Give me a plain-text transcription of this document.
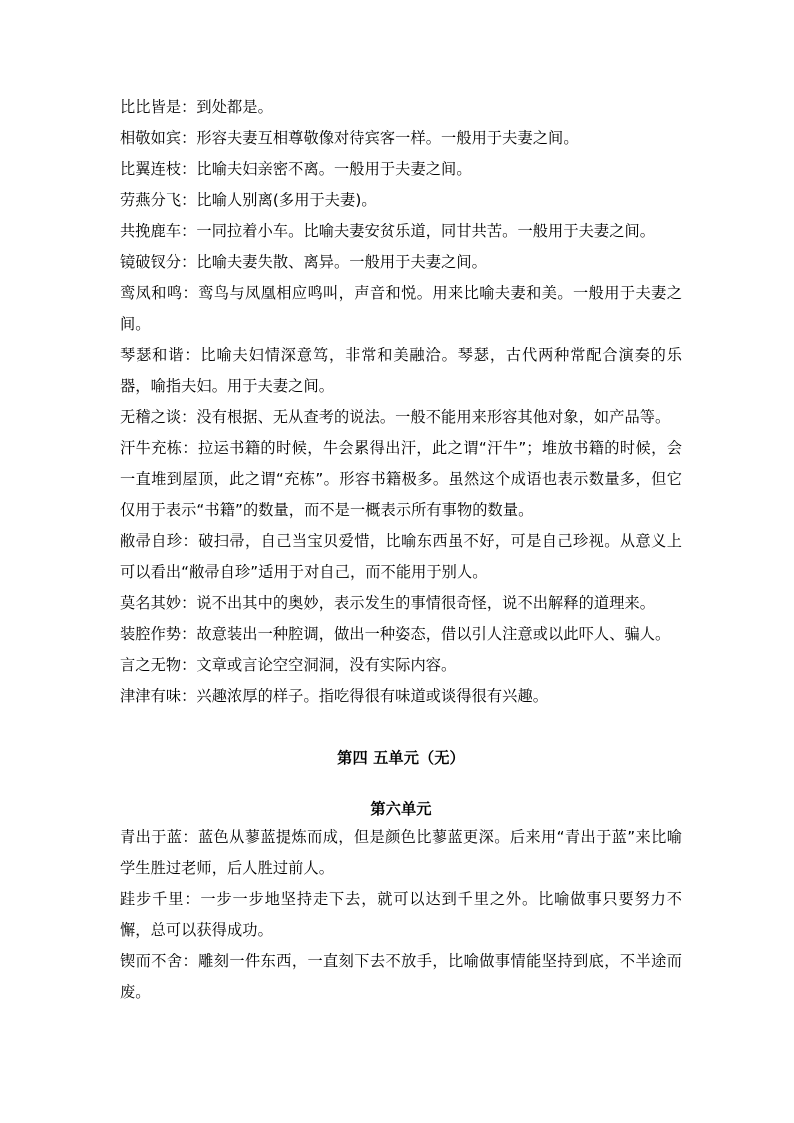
比比皆是：到处都是。

相敬如宾：形容夫妻互相尊敬像对待宾客一样。一般用于夫妻之间。

比翼连枝：比喻夫妇亲密不离。一般用于夫妻之间。

劳燕分飞：比喻人别离(多用于夫妻)。

共挽鹿车：一同拉着小车。比喻夫妻安贫乐道，同甘共苦。一般用于夫妻之间。

镜破钗分：比喻夫妻失散、离异。一般用于夫妻之间。

鸾凤和鸣：鸾鸟与凤凰相应鸣叫，声音和悦。用来比喻夫妻和美。一般用于夫妻之间。

琴瑟和谐：比喻夫妇情深意笃，非常和美融洽。琴瑟，古代两种常配合演奏的乐器，喻指夫妇。用于夫妻之间。

无稽之谈：没有根据、无从查考的说法。一般不能用来形容其他对象，如产品等。

汗牛充栋：拉运书籍的时候，牛会累得出汗，此之谓“汗牛”；堆放书籍的时候，会一直堆到屋顶，此之谓“充栋”。形容书籍极多。虽然这个成语也表示数量多，但它仅用于表示“书籍”的数量，而不是一概表示所有事物的数量。

敝帚自珍：破扫帚，自己当宝贝爱惜，比喻东西虽不好，可是自己珍视。从意义上可以看出“敝帚自珍”适用于对自己，而不能用于别人。

莫名其妙：说不出其中的奥妙，表示发生的事情很奇怪，说不出解释的道理来。

装腔作势：故意装出一种腔调，做出一种姿态，借以引人注意或以此吓人、骗人。

言之无物：文章或言论空空洞洞，没有实际内容。

津津有味：兴趣浓厚的样子。指吃得很有味道或谈得很有兴趣。

第四 五单元（无）

第六单元

青出于蓝：蓝色从蓼蓝提炼而成，但是颜色比蓼蓝更深。后来用“青出于蓝”来比喻学生胜过老师，后人胜过前人。

跬步千里：一步一步地坚持走下去，就可以达到千里之外。比喻做事只要努力不懈，总可以获得成功。

锲而不舍：雕刻一件东西，一直刻下去不放手，比喻做事情能坚持到底，不半途而废。
